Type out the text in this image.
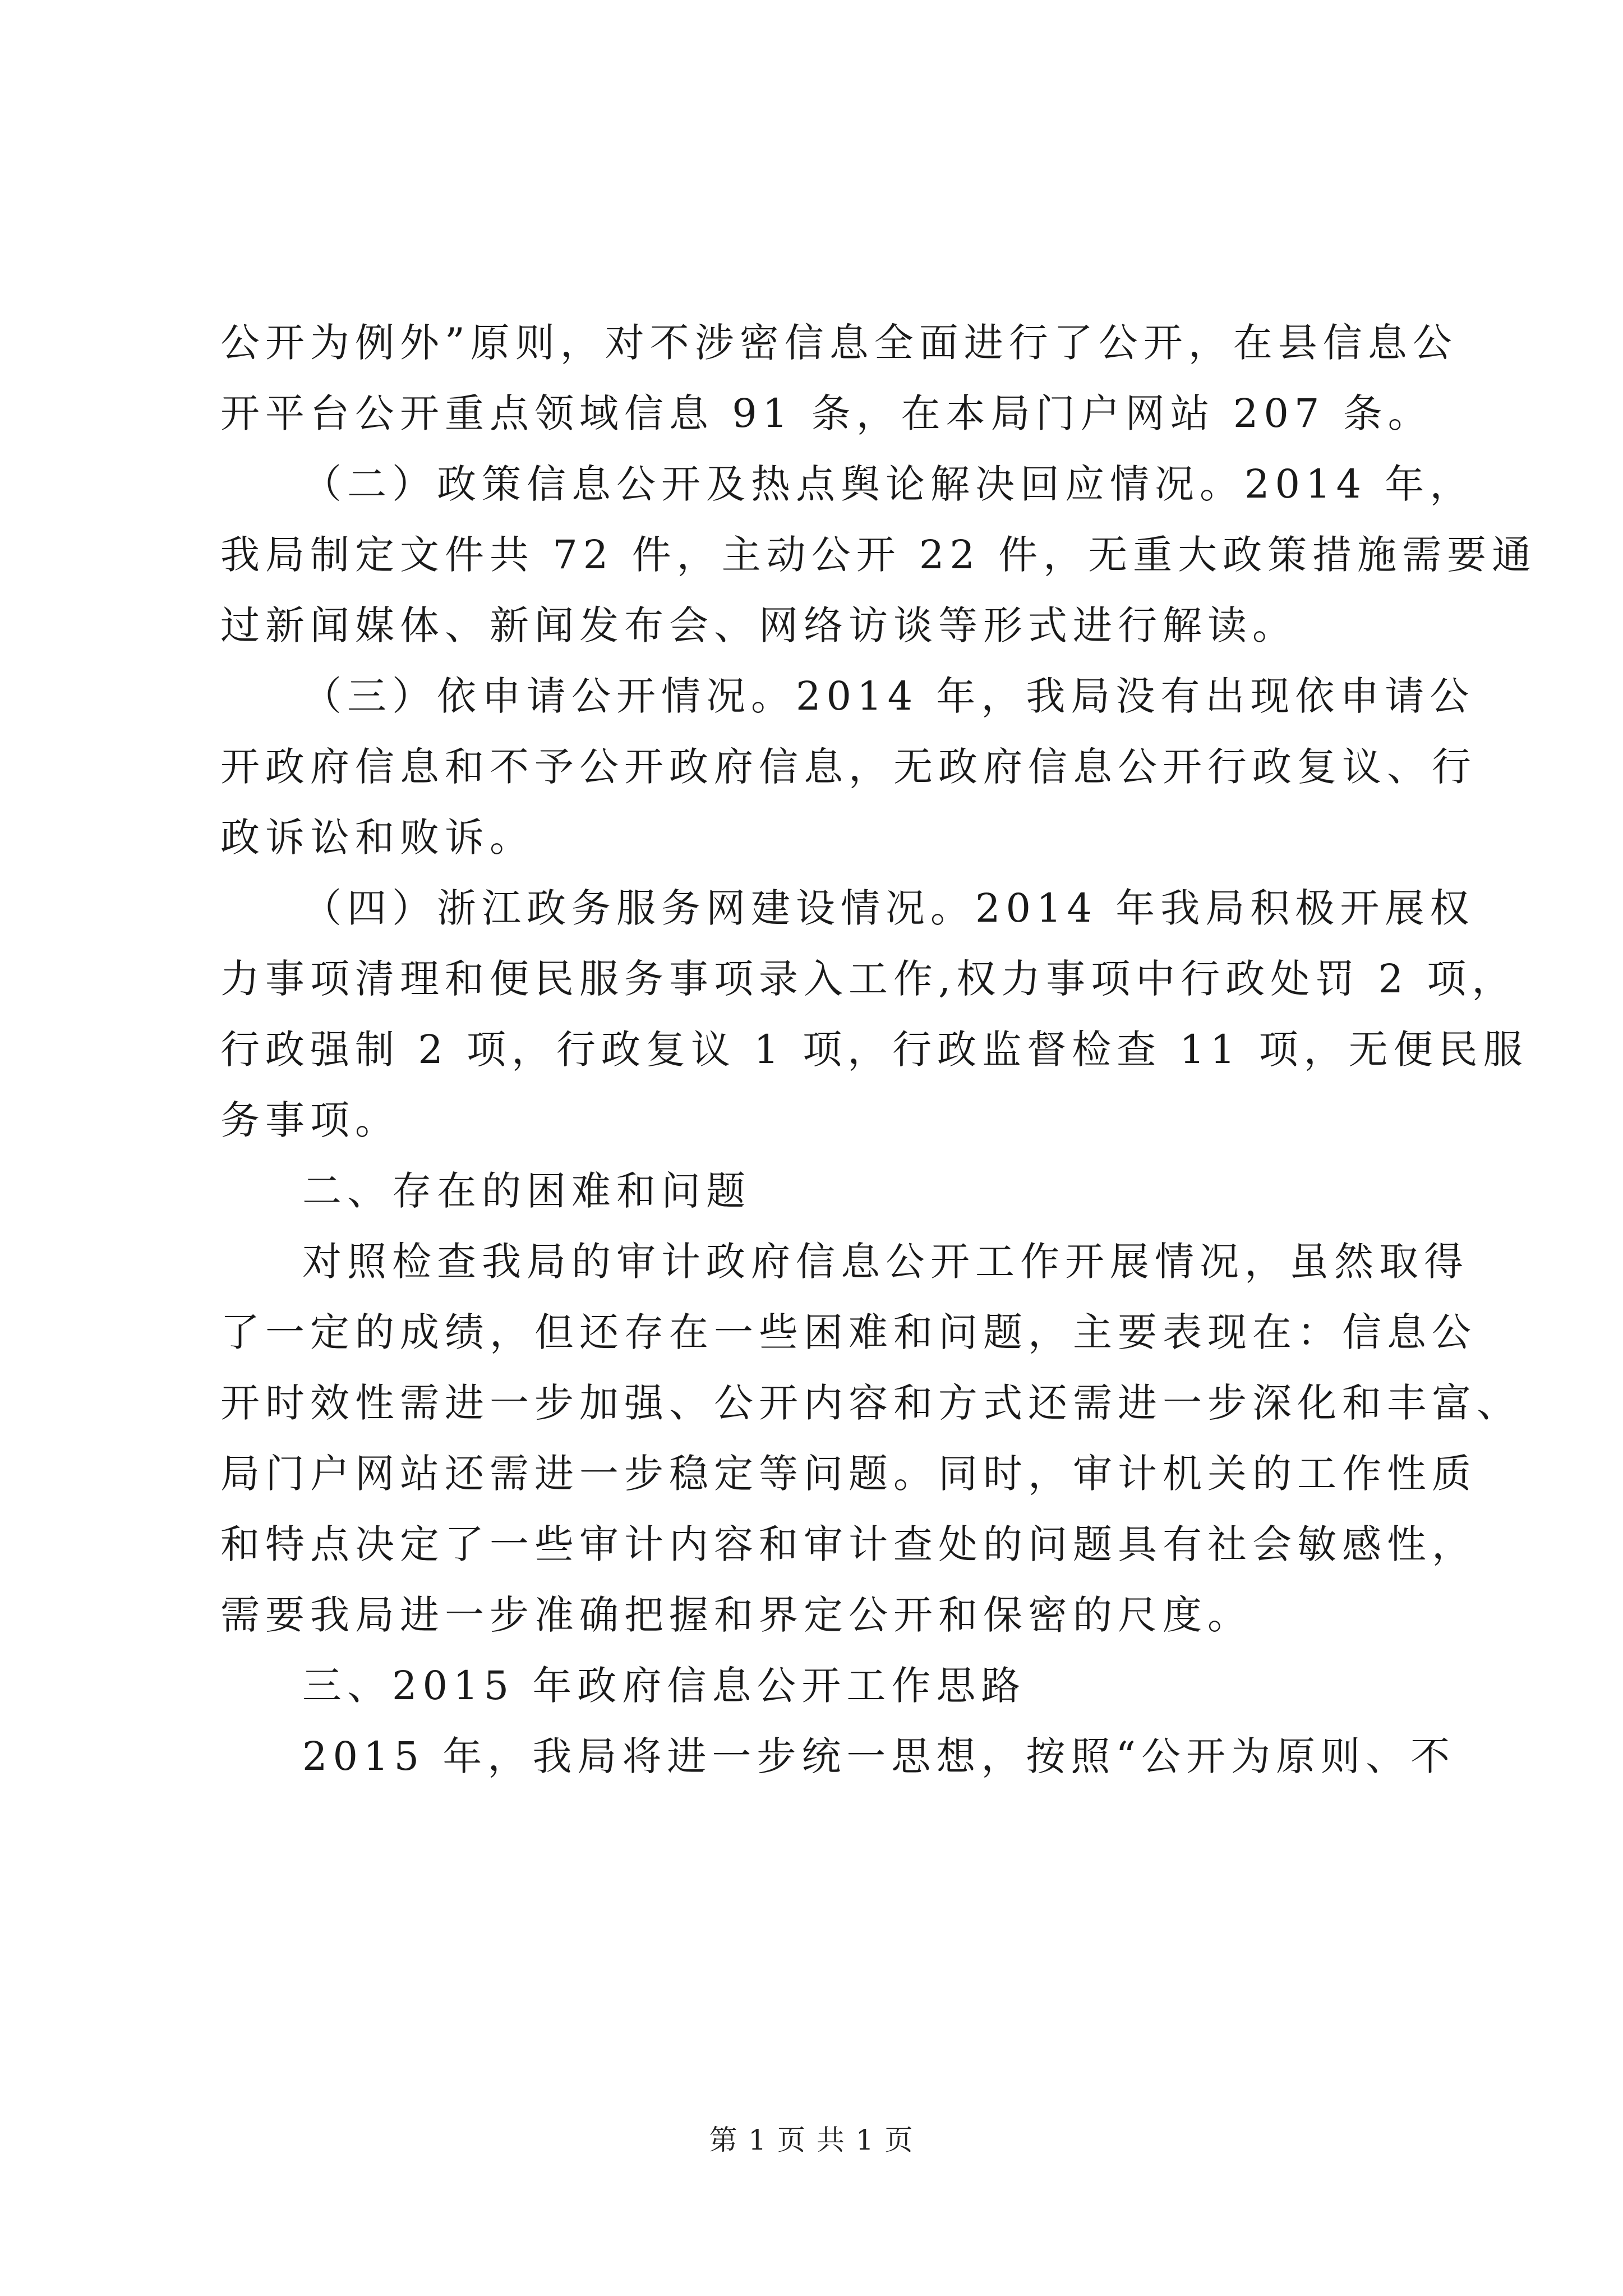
公开为例外”原则，对不涉密信息全面进行了公开，在县信息公
开平台公开重点领域信息 91 条，在本局门户网站 207 条。
（二）政策信息公开及热点舆论解决回应情况。2014 年，
我局制定文件共 72 件，主动公开 22 件，无重大政策措施需要通
过新闻媒体、新闻发布会、网络访谈等形式进行解读。
（三）依申请公开情况。2014 年，我局没有出现依申请公
开政府信息和不予公开政府信息，无政府信息公开行政复议、行
政诉讼和败诉。
（四）浙江政务服务网建设情况。2014 年我局积极开展权
力事项清理和便民服务事项录入工作,权力事项中行政处罚 2 项，
行政强制 2 项，行政复议 1 项，行政监督检查 11 项，无便民服
务事项。
二、存在的困难和问题
对照检查我局的审计政府信息公开工作开展情况，虽然取得
了一定的成绩，但还存在一些困难和问题，主要表现在：信息公
开时效性需进一步加强、公开内容和方式还需进一步深化和丰富、
局门户网站还需进一步稳定等问题。同时，审计机关的工作性质
和特点决定了一些审计内容和审计查处的问题具有社会敏感性，
需要我局进一步准确把握和界定公开和保密的尺度。
三、2015 年政府信息公开工作思路
2015 年，我局将进一步统一思想，按照“公开为原则、不
第 1 页 共 1 页
